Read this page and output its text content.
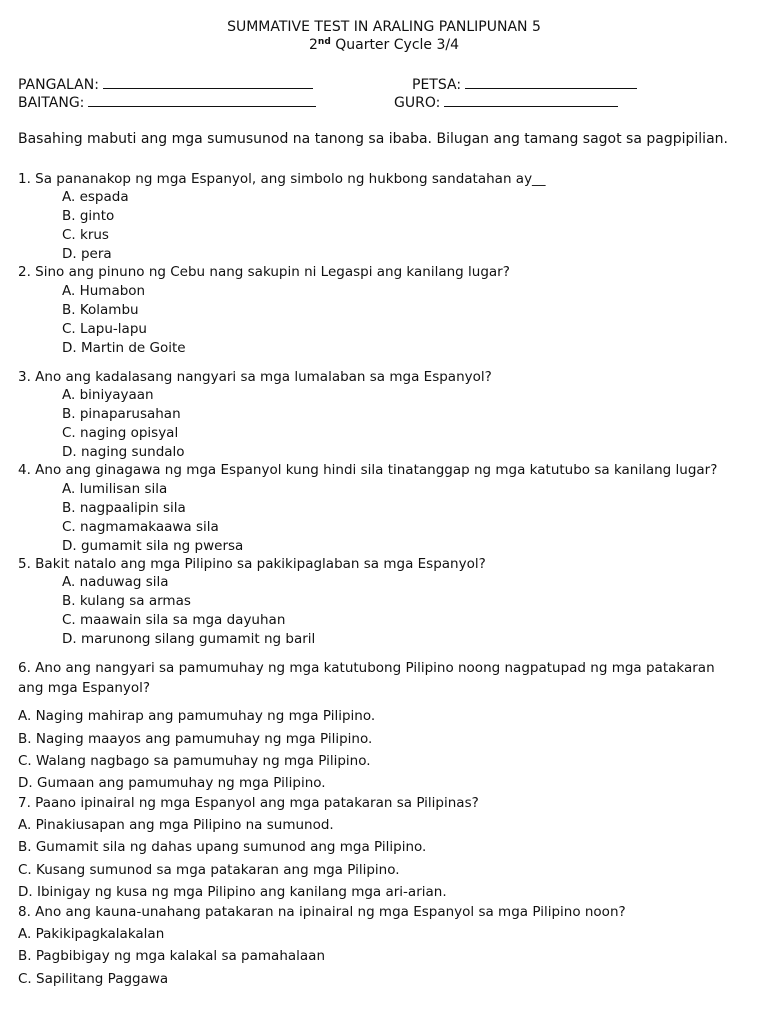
SUMMATIVE TEST IN ARALING PANLIPUNAN 5
2nd Quarter Cycle 3/4
PANGALAN:	PETSA:
BAITANG:	GURO:
Basahing mabuti ang mga sumusunod na tanong sa ibaba. Bilugan ang tamang sagot sa pagpipilian.
1. Sa pananakop ng mga Espanyol, ang simbolo ng hukbong sandatahan ay__
A. espada
B. ginto
C. krus
D. pera
2. Sino ang pinuno ng Cebu nang sakupin ni Legaspi ang kanilang lugar?
A. Humabon
B. Kolambu
C. Lapu-lapu
D. Martin de Goite
3. Ano ang kadalasang nangyari sa mga lumalaban sa mga Espanyol?
A. biniyayaan
B. pinaparusahan
C. naging opisyal
D. naging sundalo
4. Ano ang ginagawa ng mga Espanyol kung hindi sila tinatanggap ng mga katutubo sa kanilang lugar?
A. lumilisan sila
B. nagpaalipin sila
C. nagmamakaawa sila
D. gumamit sila ng pwersa
5. Bakit natalo ang mga Pilipino sa pakikipaglaban sa mga Espanyol?
A. naduwag sila
B. kulang sa armas
C. maawain sila sa mga dayuhan
D. marunong silang gumamit ng baril
6. Ano ang nangyari sa pamumuhay ng mga katutubong Pilipino noong nagpatupad ng mga patakaran ang mga Espanyol?
A. Naging mahirap ang pamumuhay ng mga Pilipino.
B. Naging maayos ang pamumuhay ng mga Pilipino.
C. Walang nagbago sa pamumuhay ng mga Pilipino.
D. Gumaan ang pamumuhay ng mga Pilipino.
7. Paano ipinairal ng mga Espanyol ang mga patakaran sa Pilipinas?
A. Pinakiusapan ang mga Pilipino na sumunod.
B. Gumamit sila ng dahas upang sumunod ang mga Pilipino.
C. Kusang sumunod sa mga patakaran ang mga Pilipino.
D. Ibinigay ng kusa ng mga Pilipino ang kanilang mga ari-arian.
8. Ano ang kauna-unahang patakaran na ipinairal ng mga Espanyol sa mga Pilipino noon?
A. Pakikipagkalakalan
B. Pagbibigay ng mga kalakal sa pamahalaan
C. Sapilitang Paggawa
